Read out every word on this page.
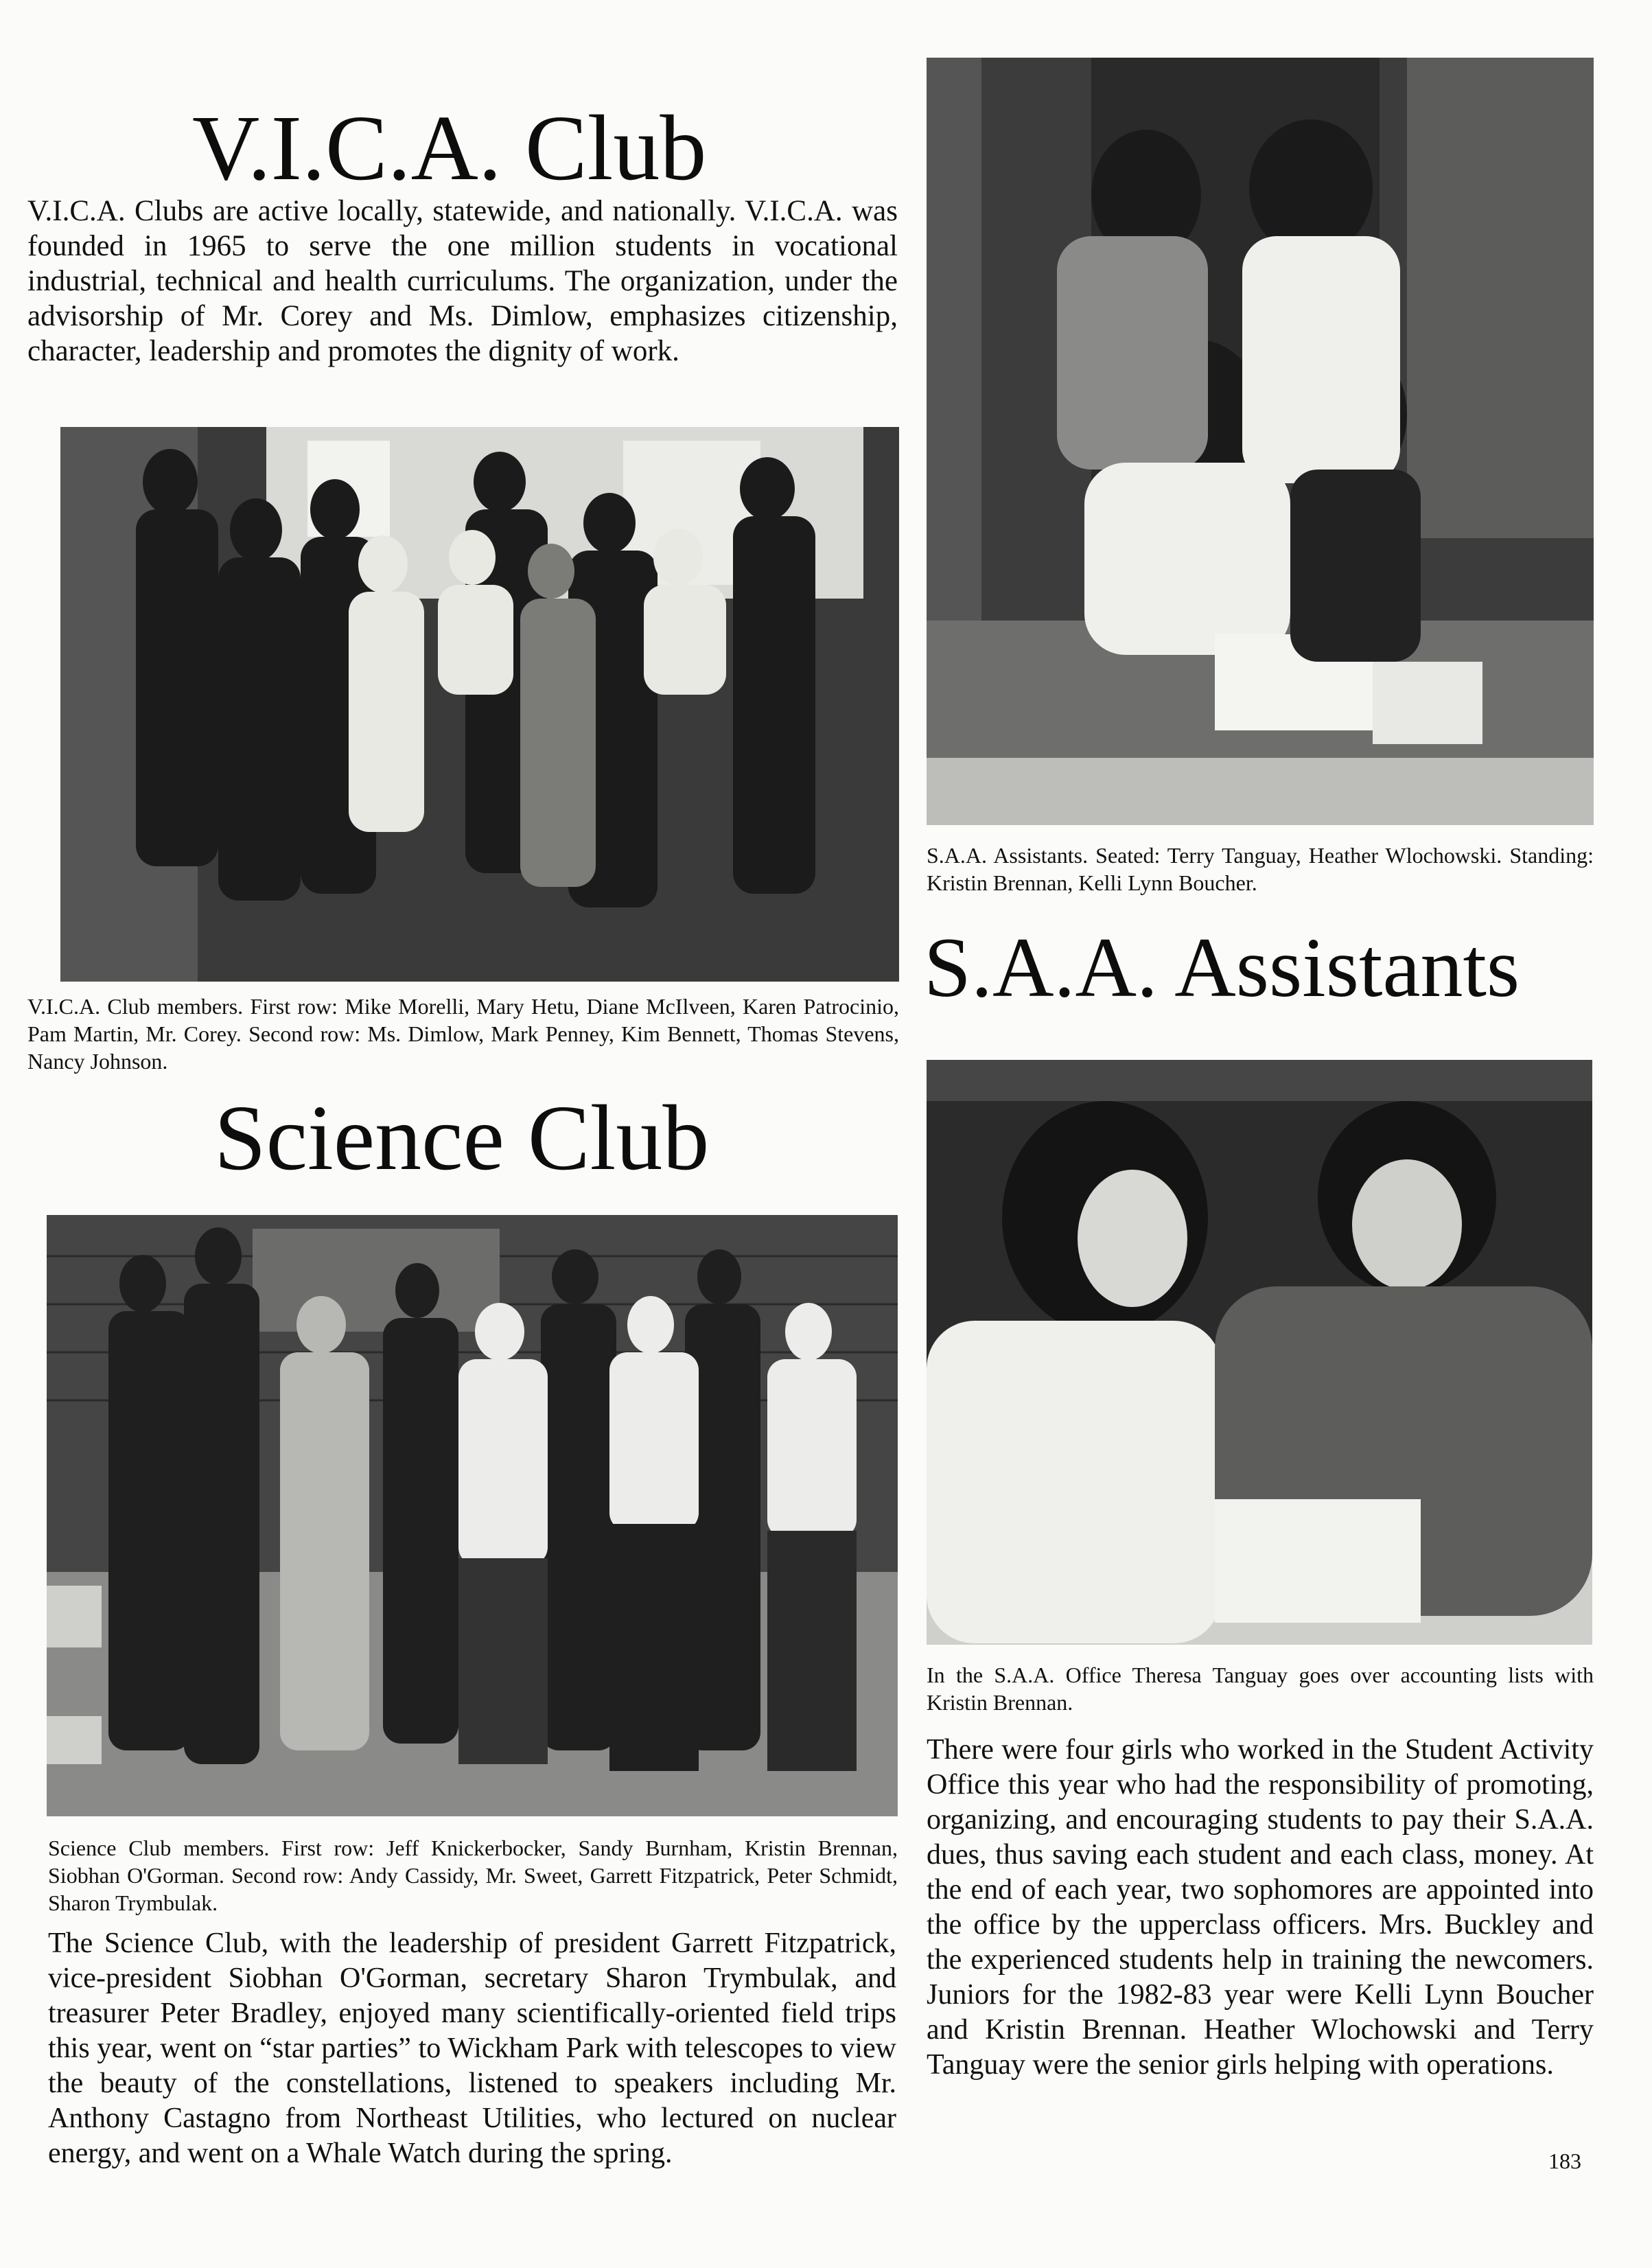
V.I.C.A. Club

V.I.C.A. Clubs are active locally, statewide, and nationally. V.I.C.A. was founded in 1965 to serve the one million students in vocational industrial, technical and health curriculums. The organization, under the advisorship of Mr. Corey and Ms. Dimlow, emphasizes citizenship, character, leadership and promotes the dignity of work.

V.I.C.A. Club members. First row: Mike Morelli, Mary Hetu, Diane McIlveen, Karen Patrocinio, Pam Martin, Mr. Corey. Second row: Ms. Dimlow, Mark Penney, Kim Bennett, Thomas Stevens, Nancy Johnson.

Science Club

Science Club members. First row: Jeff Knickerbocker, Sandy Burnham, Kristin Brennan, Siobhan O'Gorman. Second row: Andy Cassidy, Mr. Sweet, Garrett Fitzpatrick, Peter Schmidt, Sharon Trymbulak.

The Science Club, with the leadership of president Garrett Fitzpatrick, vice-president Siobhan O'Gorman, secretary Sharon Trymbulak, and treasurer Peter Bradley, enjoyed many scientifically-oriented field trips this year, went on “star parties” to Wickham Park with telescopes to view the beauty of the constellations, listened to speakers including Mr. Anthony Castagno from Northeast Utilities, who lectured on nuclear energy, and went on a Whale Watch during the spring.

S.A.A. Assistants. Seated: Terry Tanguay, Heather Wlochowski. Standing: Kristin Brennan, Kelli Lynn Boucher.

S.A.A. Assistants

In the S.A.A. Office Theresa Tanguay goes over accounting lists with Kristin Brennan.

There were four girls who worked in the Student Activity Office this year who had the responsibility of promoting, organizing, and encouraging students to pay their S.A.A. dues, thus saving each student and each class, money. At the end of each year, two sophomores are appointed into the office by the upperclass officers. Mrs. Buckley and the experienced students help in training the newcomers. Juniors for the 1982-83 year were Kelli Lynn Boucher and Kristin Brennan. Heather Wlochowski and Terry Tanguay were the senior girls helping with operations.

183
